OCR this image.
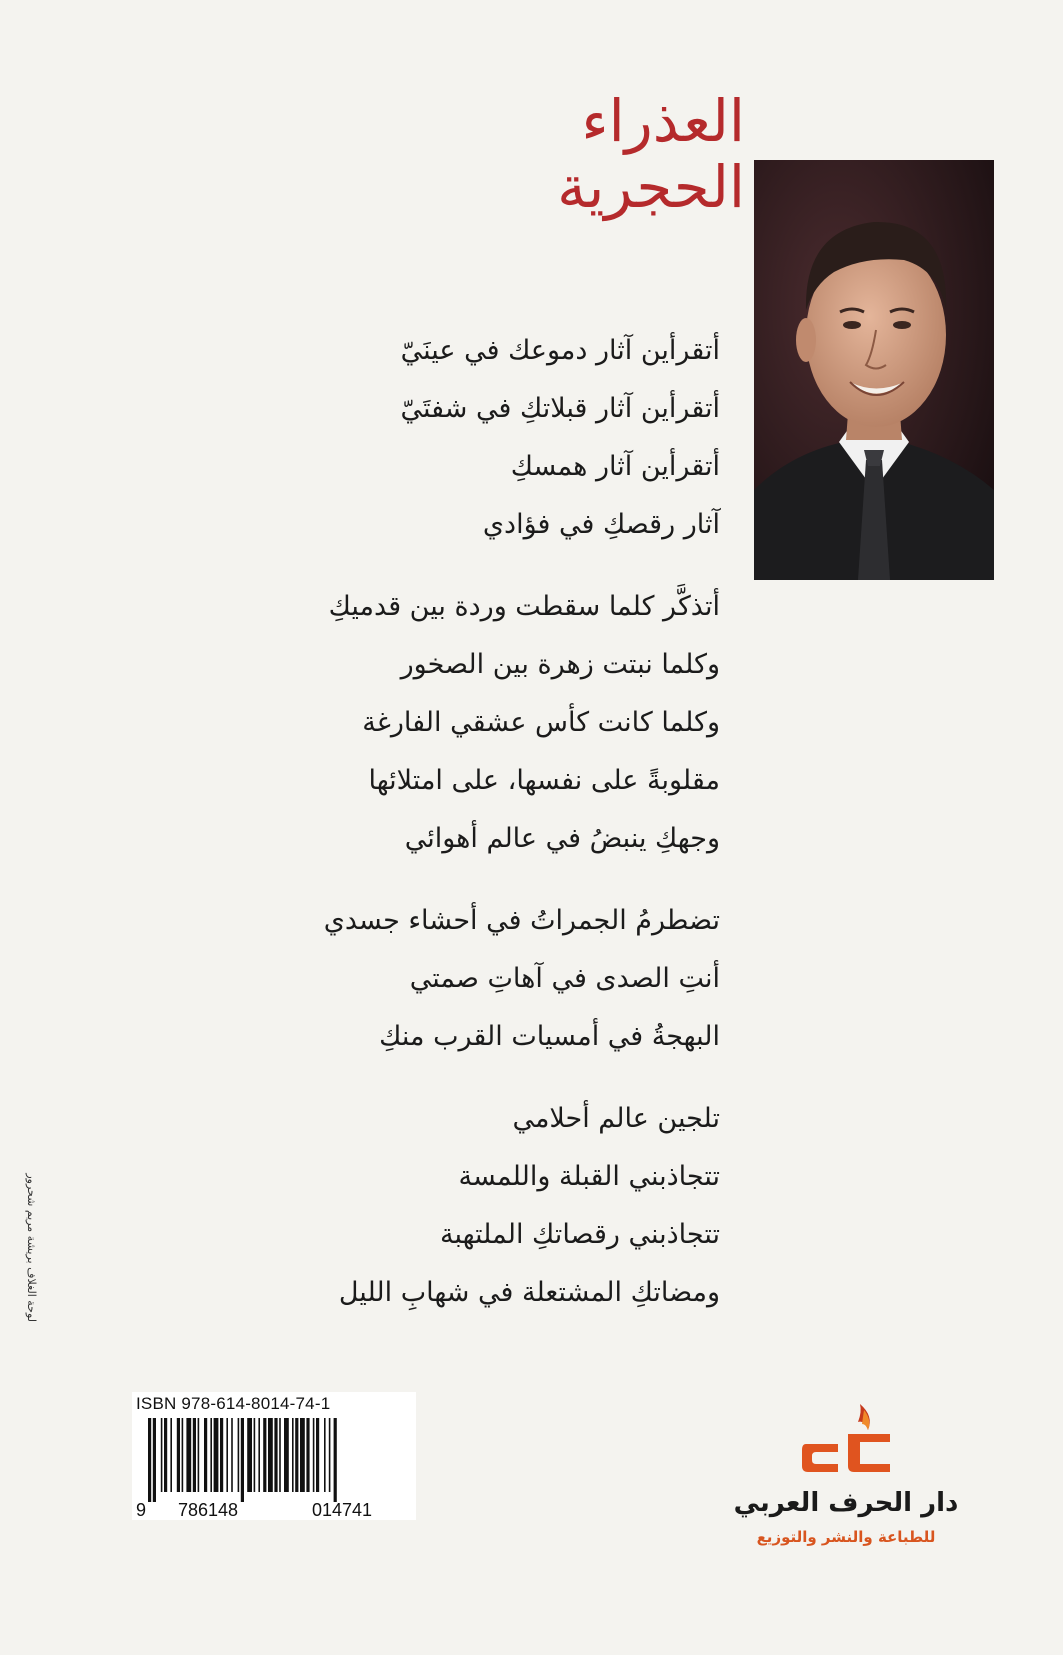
العذراء
الحجرية
أتقرأين آثار دموعك في عينَيّ
أتقرأين آثار قبلاتكِ في شفتَيّ
أتقرأين آثار همسكِ
آثار رقصكِ في فؤادي
أتذكَّر كلما سقطت وردة بين قدميكِ
وكلما نبتت زهرة بين الصخور
وكلما كانت كأس عشقي الفارغة
مقلوبةً على نفسها، على امتلائها
وجهكِ ينبضُ في عالم أهوائي
تضطرمُ الجمراتُ في أحشاء جسدي
أنتِ الصدى في آهاتِ صمتي
البهجةُ في أمسيات القرب منكِ
تلجين عالم أحلامي
تتجاذبني القبلة واللمسة
تتجاذبني رقصاتكِ الملتهبة
ومضاتكِ المشتعلة في شهابِ الليل
لوحة الغلاف بريشة مريم شحرور
ISBN 978-614-8014-74-1
9 786148	014741	دار الحرف العربي
للطباعة والنشر والتوزيع
